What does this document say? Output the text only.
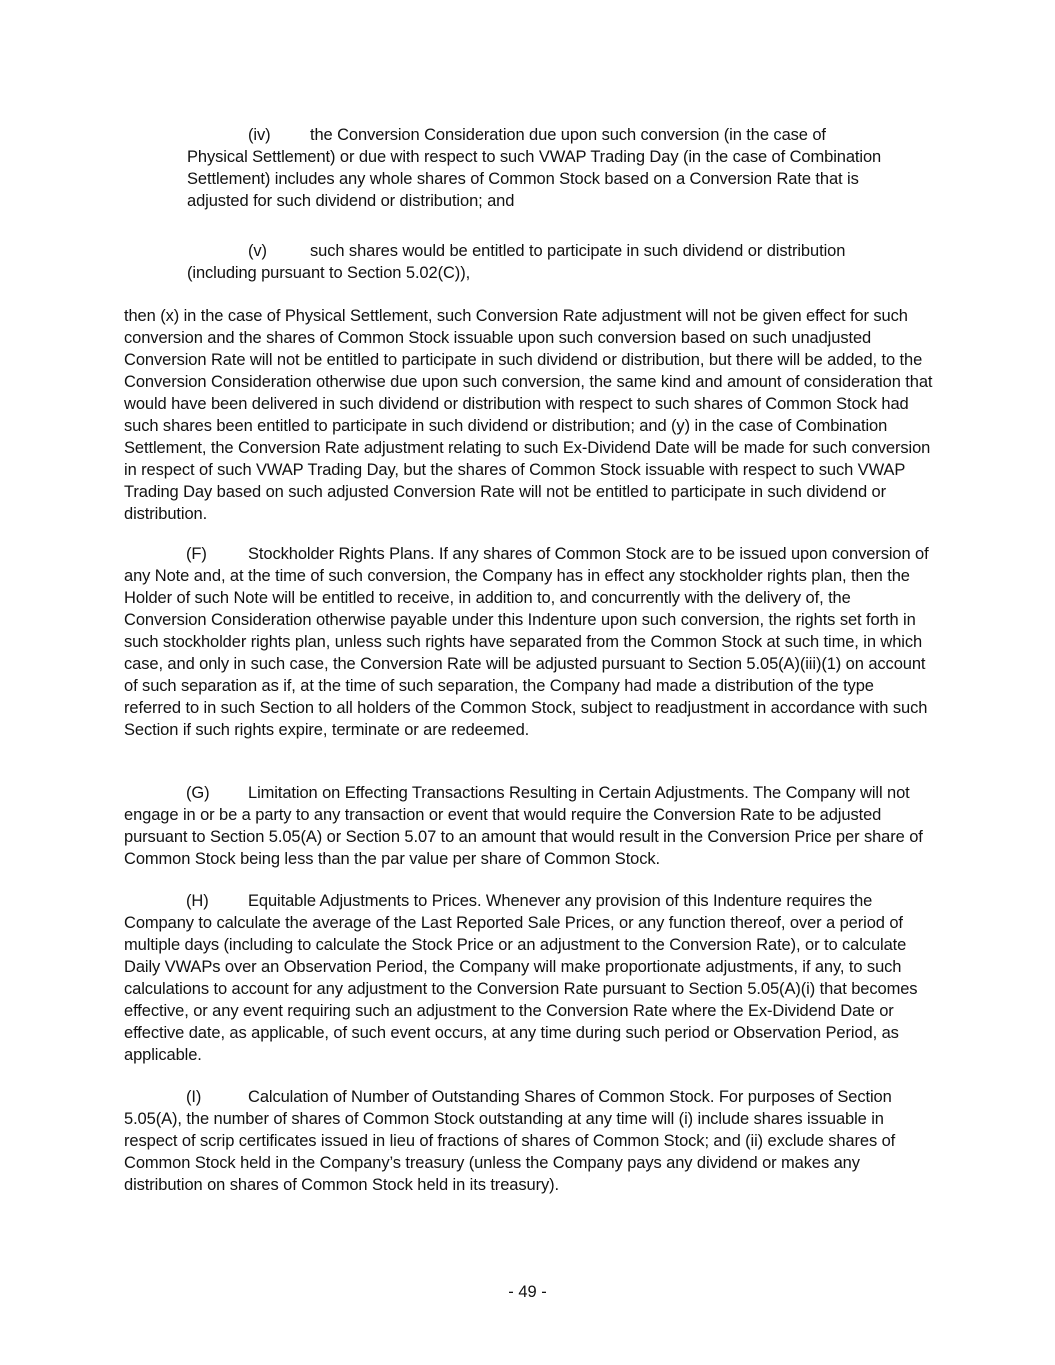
(iv) the Conversion Consideration due upon such conversion (in the case of Physical Settlement) or due with respect to such VWAP Trading Day (in the case of Combination Settlement) includes any whole shares of Common Stock based on a Conversion Rate that is adjusted for such dividend or distribution; and

(v)	such shares would be entitled to participate in such dividend or distribution (including pursuant to Section 5.02(C)),

then (x) in the case of Physical Settlement, such Conversion Rate adjustment will not be given effect for such conversion and the shares of Common Stock issuable upon such conversion based on such unadjusted Conversion Rate will not be entitled to participate in such dividend or distribution, but there will be added, to the Conversion Consideration otherwise due upon such conversion, the same kind and amount of consideration that would have been delivered in such dividend or distribution with respect to such shares of Common Stock had such shares been entitled to participate in such dividend or distribution; and (y) in the case of Combination Settlement, the Conversion Rate adjustment relating to such Ex-Dividend Date will be made for such conversion in respect of such VWAP Trading Day, but the shares of Common Stock issuable with respect to such VWAP Trading Day based on such adjusted Conversion Rate will not be entitled to participate in such dividend or distribution.

(F) Stockholder Rights Plans. If any shares of Common Stock are to be issued upon conversion of any Note and, at the time of such conversion, the Company has in effect any stockholder rights plan, then the Holder of such Note will be entitled to receive, in addition to, and concurrently with the delivery of, the Conversion Consideration otherwise payable under this Indenture upon such conversion, the rights set forth in such stockholder rights plan, unless such rights have separated from the Common Stock at such time, in which case, and only in such case, the Conversion Rate will be adjusted pursuant to Section 5.05(A)(iii)(1) on account of such separation as if, at the time of such separation, the Company had made a distribution of the type referred to in such Section to all holders of the Common Stock, subject to readjustment in accordance with such Section if such rights expire, terminate or are redeemed.

(G) Limitation on Effecting Transactions Resulting in Certain Adjustments. The Company will not engage in or be a party to any transaction or event that would require the Conversion Rate to be adjusted pursuant to Section 5.05(A) or Section 5.07 to an amount that would result in the Conversion Price per share of Common Stock being less than the par value per share of Common Stock.

(H) Equitable Adjustments to Prices. Whenever any provision of this Indenture requires the Company to calculate the average of the Last Reported Sale Prices, or any function thereof, over a period of multiple days (including to calculate the Stock Price or an adjustment to the Conversion Rate), or to calculate Daily VWAPs over an Observation Period, the Company will make proportionate adjustments, if any, to such calculations to account for any adjustment to the Conversion Rate pursuant to Section 5.05(A)(i) that becomes effective, or any event requiring such an adjustment to the Conversion Rate where the Ex-Dividend Date or effective date, as applicable, of such event occurs, at any time during such period or Observation Period, as applicable.

(I)	Calculation of Number of Outstanding Shares of Common Stock. For purposes of Section 5.05(A), the number of shares of Common Stock outstanding at any time will (i) include shares issuable in respect of scrip certificates issued in lieu of fractions of shares of Common Stock; and (ii) exclude shares of Common Stock held in the Company’s treasury (unless the Company pays any dividend or makes any distribution on shares of Common Stock held in its treasury).

- 49 -
